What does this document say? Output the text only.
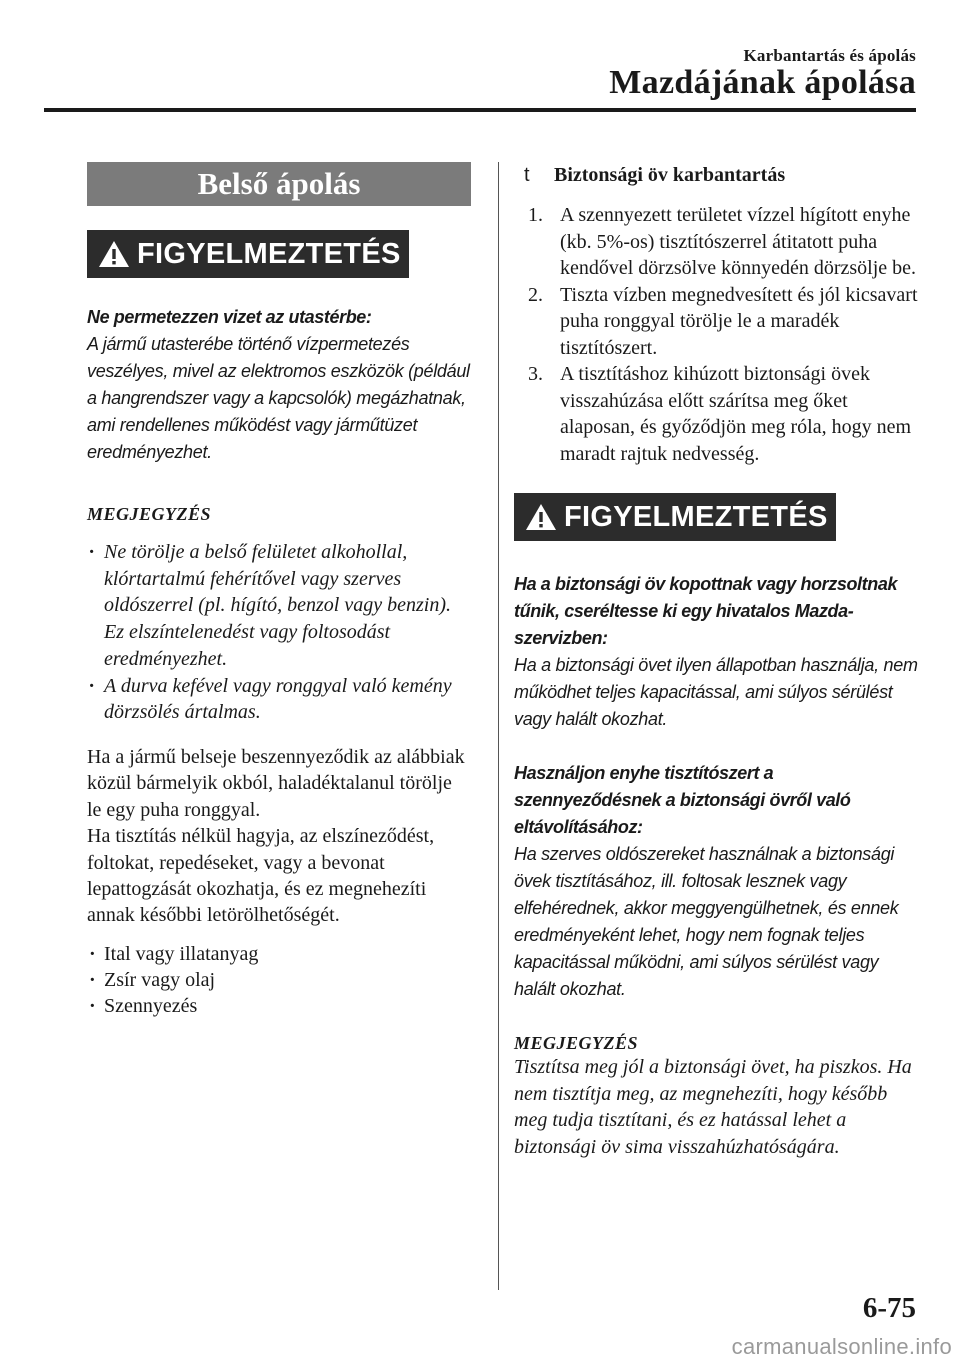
Karbantartás és ápolás
Mazdájának ápolása
Belső ápolás
FIGYELMEZTETÉS
Ne permetezzen vizet az utastérbe:
A jármű utasterébe történő vízpermetezés veszélyes, mivel az elektromos eszközök (például a hangrendszer vagy a kapcsolók) megázhatnak, ami rendellenes működést vagy járműtüzet eredményezhet.
MEGJEGYZÉS
· Ne törölje a belső felületet alkohollal, klórtartalmú fehérítővel vagy szerves oldószerrel (pl. hígító, benzol vagy benzin). Ez elszíntelenedést vagy foltosodást eredményezhet.
· A durva kefével vagy ronggyal való kemény dörzsölés ártalmas.
Ha a jármű belseje beszennyeződik az alábbiak közül bármelyik okból, haladéktalanul törölje le egy puha ronggyal.
Ha tisztítás nélkül hagyja, az elszíneződést, foltokat, repedéseket, vagy a bevonat lepattogzását okozhatja, és ez megnehezíti annak későbbi letörölhetőségét.
· Ital vagy illatanyag
· Zsír vagy olaj
· Szennyezés
t Biztonsági öv karbantartás
1. A szennyezett területet vízzel hígított enyhe (kb. 5%-os) tisztítószerrel átitatott puha kendővel dörzsölve könnyedén dörzsölje be.
2. Tiszta vízben megnedvesített és jól kicsavart puha ronggyal törölje le a maradék tisztítószert.
3. A tisztításhoz kihúzott biztonsági övek visszahúzása előtt szárítsa meg őket alaposan, és győződjön meg róla, hogy nem maradt rajtuk nedvesség.
FIGYELMEZTETÉS
Ha a biztonsági öv kopottnak vagy horzsoltnak tűnik, cseréltesse ki egy hivatalos Mazda-szervizben:
Ha a biztonsági övet ilyen állapotban használja, nem működhet teljes kapacitással, ami súlyos sérülést vagy halált okozhat.
Használjon enyhe tisztítószert a szennyeződésnek a biztonsági övről való eltávolításához:
Ha szerves oldószereket használnak a biztonsági övek tisztításához, ill. foltosak lesznek vagy elfehérednek, akkor meggyengülhetnek, és ennek eredményeként lehet, hogy nem fognak teljes kapacitással működni, ami súlyos sérülést vagy halált okozhat.
MEGJEGYZÉS
Tisztítsa meg jól a biztonsági övet, ha piszkos. Ha nem tisztítja meg, az megnehezíti, hogy később meg tudja tisztítani, és ez hatással lehet a biztonsági öv sima visszahúzhatóságára.
6-75
carmanualsonline.info
